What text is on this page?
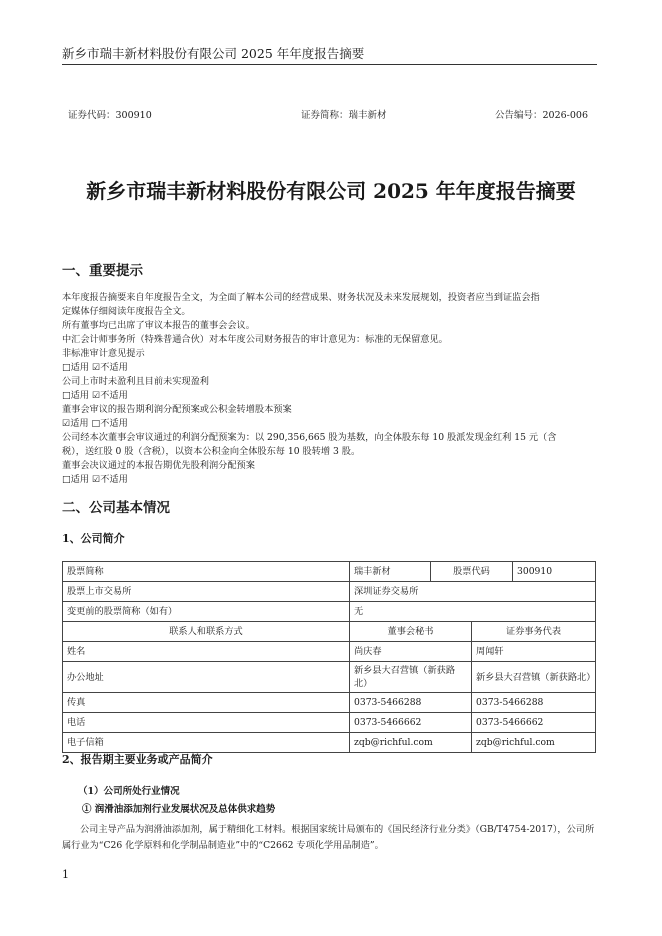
新乡市瑞丰新材料股份有限公司 2025 年年度报告摘要
证券代码：300910	证券简称：瑞丰新材	公告编号：2026-006
新乡市瑞丰新材料股份有限公司 2025 年年度报告摘要
一、重要提示
本年度报告摘要来自年度报告全文，为全面了解本公司的经营成果、财务状况及未来发展规划，投资者应当到证监会指
定媒体仔细阅读年度报告全文。
所有董事均已出席了审议本报告的董事会会议。
中汇会计师事务所（特殊普通合伙）对本年度公司财务报告的审计意见为：标准的无保留意见。
非标准审计意见提示
□适用 ☑不适用
公司上市时未盈利且目前未实现盈利
□适用 ☑不适用
董事会审议的报告期利润分配预案或公积金转增股本预案
☑适用 □不适用
公司经本次董事会审议通过的利润分配预案为：以 290,356,665 股为基数，向全体股东每 10 股派发现金红利 15 元（含
税），送红股 0 股（含税），以资本公积金向全体股东每 10 股转增 3 股。
董事会决议通过的本报告期优先股利润分配预案
□适用 ☑不适用
二、公司基本情况
1、公司简介
股票简称	瑞丰新材	股票代码		300910
股票上市交易所	深圳证券交易所			
变更前的股票简称（如有）	无			
联系人和联系方式	董事会秘书		证券事务代表	
姓名	尚庆春		周闻轩	
办公地址	新乡县大召营镇（新获路北）		新乡县大召营镇（新获路北）	
传真	0373-5466288		0373-5466288	
电话	0373-5466662		0373-5466662	
电子信箱	zqb@richful.com		zqb@richful.com	
2、报告期主要业务或产品简介
（1）公司所处行业情况
① 润滑油添加剂行业发展状况及总体供求趋势
公司主导产品为润滑油添加剂，属于精细化工材料。根据国家统计局颁布的《国民经济行业分类》（GB/T4754-2017），公司所属行业为“C26 化学原料和化学制品制造业”中的“C2662 专项化学用品制造”。
1
